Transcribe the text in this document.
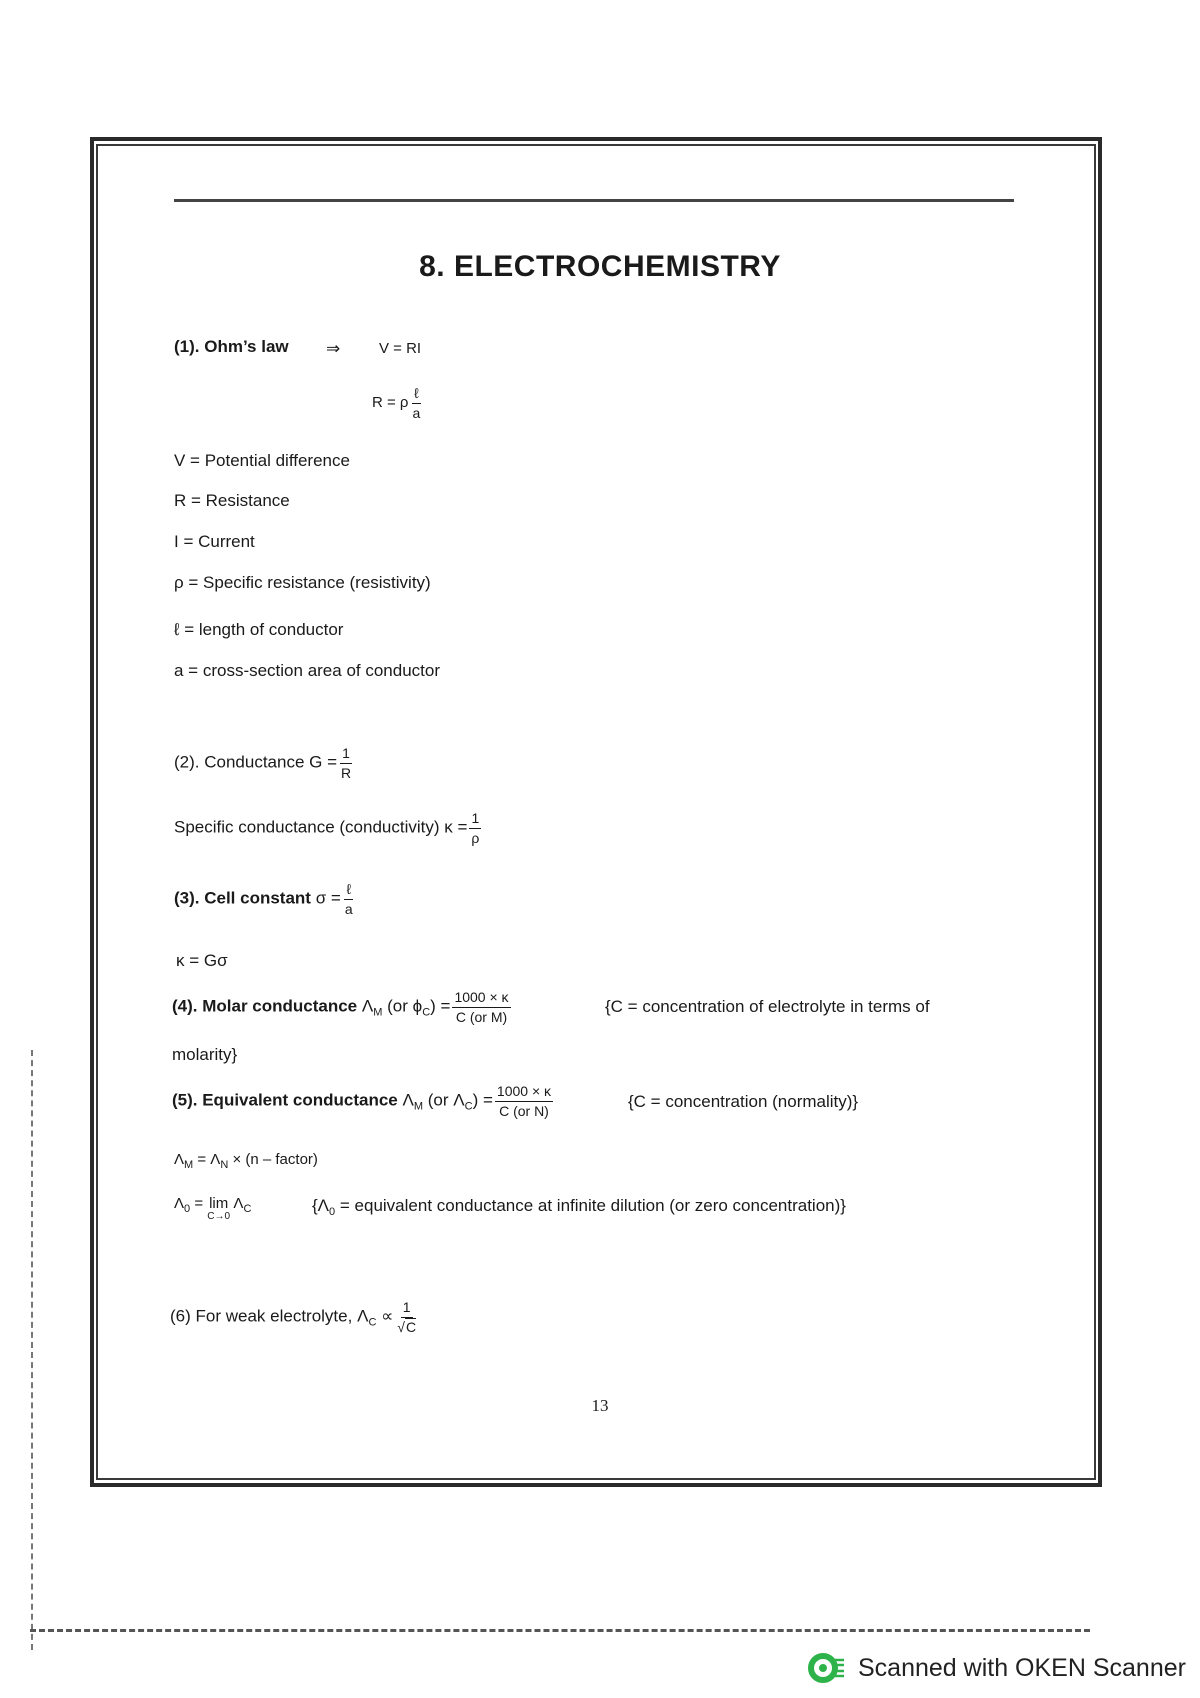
8. ELECTROCHEMISTRY
(1). Ohm’s law ⇒	V = RI
R = ρ $\frac{\text{ℓ}}{a}$
V = Potential difference
R = Resistance
I = Current
ρ = Specific resistance (resistivity)
ℓ = length of conductor
a = cross-section area of conductor
(2). Conductance $G = \frac{1}{R}$
Specific conductance (conductivity) $\kappa = \frac{1}{\rho}$
(3). Cell constant $\sigma = \frac{\text{ℓ}}{a}$
κ = Gσ
(4). Molar conductance $\Lambda_M$ (or $\phi_C) = \frac{1000 \times \kappa}{\text{C (or M)}}$	{C = concentration of electrolyte in terms of
molarity}
(5). Equivalent conductance $\Lambda_M$ (or $\Lambda_C) = \frac{1000 \times \kappa}{\text{C (or N)}}$	{C = concentration (normality)}
$\Lambda_M = \Lambda_N \times (n$ – factor)
$\Lambda_0 = \lim$
C→0
$\Lambda_C$	{$\Lambda_0$ = equivalent conductance at infinite dilution (or zero concentration)}
(6) For weak electrolyte, $\Lambda_C \propto \frac{1}{√C}$
13
Scanned with OKEN Scanner
